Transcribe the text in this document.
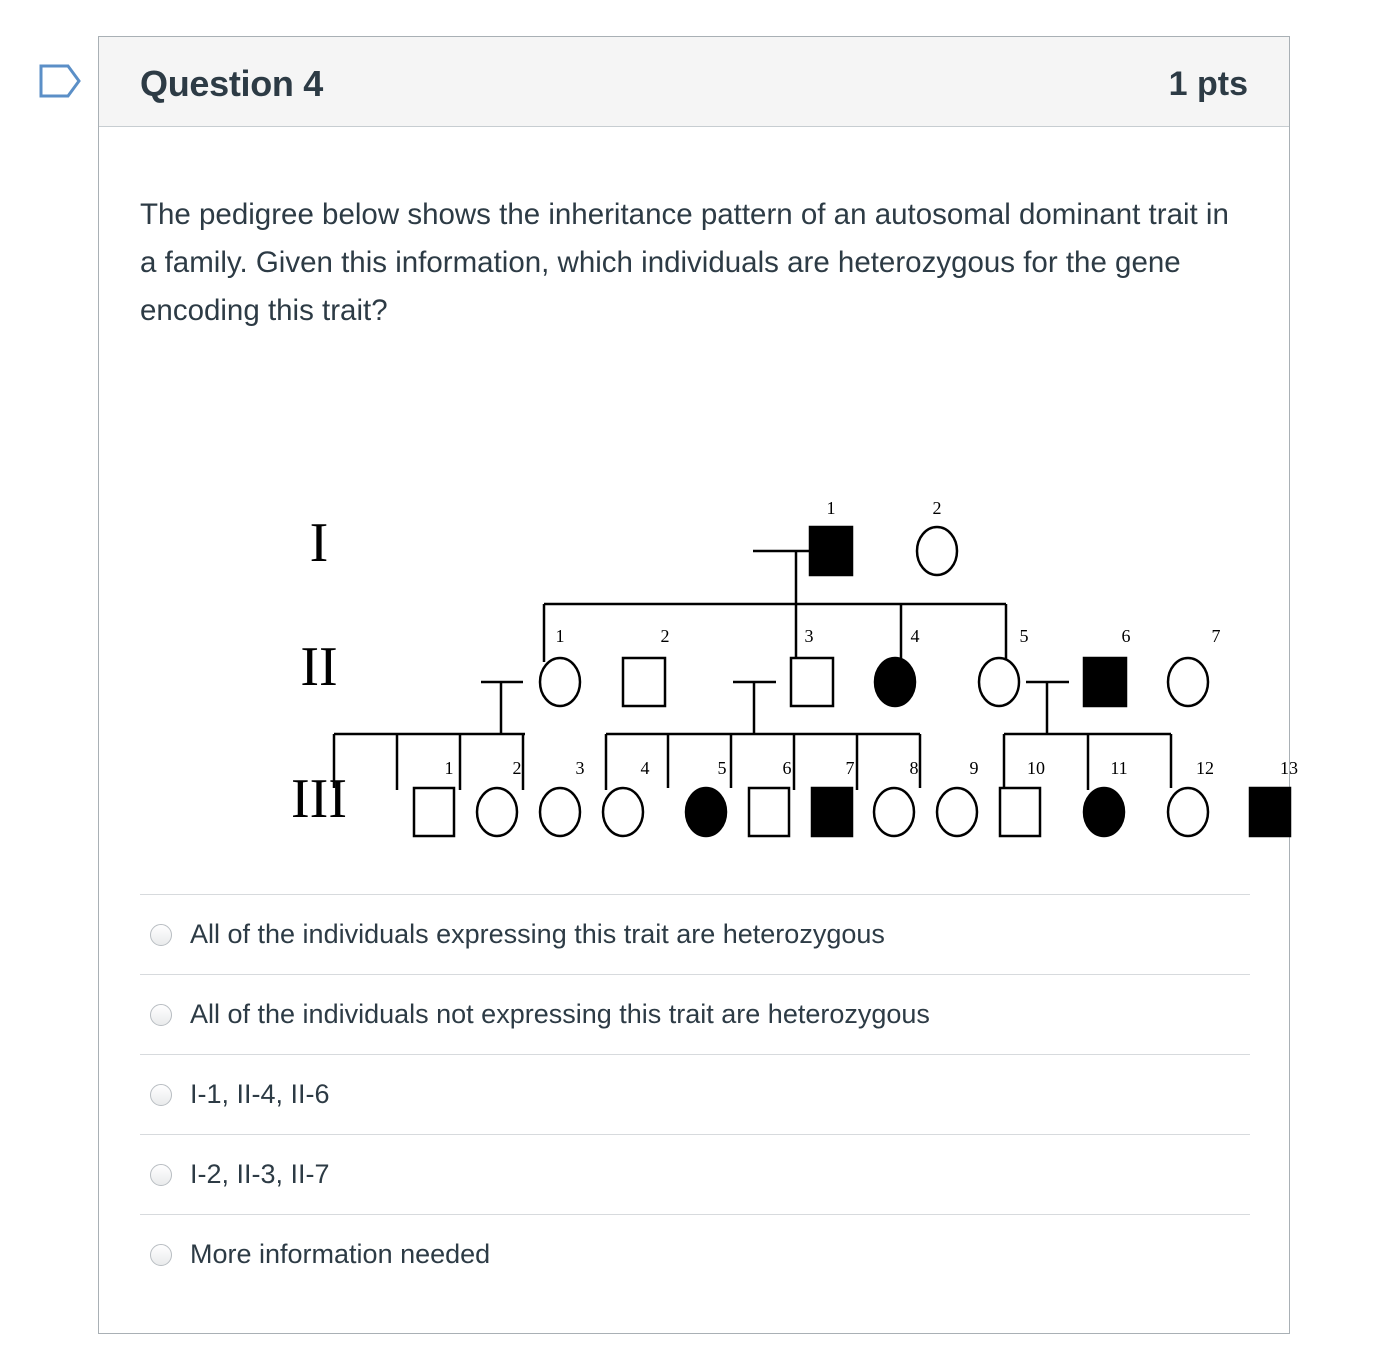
Question 4	1 pts
The pedigree below shows the inheritance pattern of an autosomal dominant trait in a family. Given this information, which individuals are heterozygous for the gene encoding this trait?
I
II
III
1	2
1	2	3	4	5	6	7
1	2	3	4	5	6	7	8	9	10	11	12	13
All of the individuals expressing this trait are heterozygous
All of the individuals not expressing this trait are heterozygous
I-1, II-4, II-6
I-2, II-3, II-7
More information needed
